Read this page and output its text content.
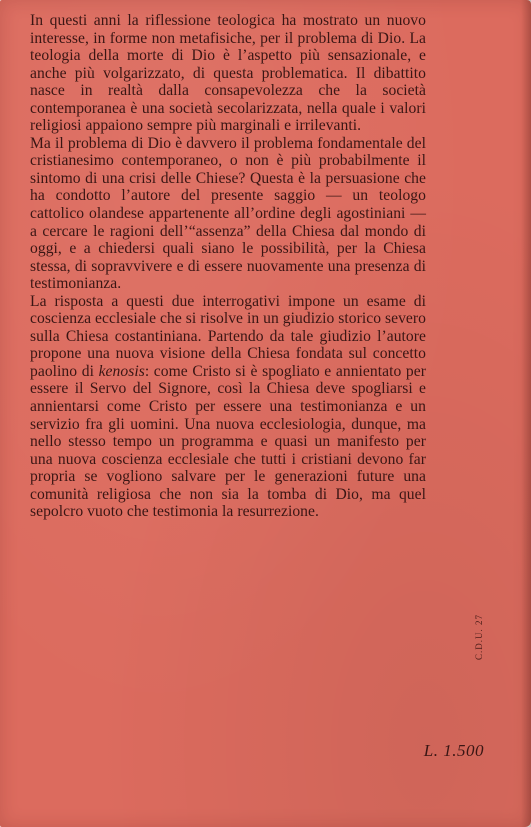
In questi anni la riflessione teologica ha mostrato un nuovo interesse, in forme non metafisiche, per il problema di Dio. La teologia della morte di Dio è l’aspetto più sensazionale, e anche più volgarizzato, di questa problematica. Il dibattito nasce in realtà dalla consapevolezza che la società contemporanea è una società secolarizzata, nella quale i valori religiosi appaiono sempre più marginali e irrilevanti.

Ma il problema di Dio è davvero il problema fondamentale del cristianesimo contemporaneo, o non è più probabilmente il sintomo di una crisi delle Chiese? Questa è la persuasione che ha condotto l’autore del presente saggio — un teologo cattolico olandese appartenente all’ordine degli agostiniani — a cercare le ragioni dell’“assenza” della Chiesa dal mondo di oggi, e a chiedersi quali siano le possibilità, per la Chiesa stessa, di sopravvivere e di essere nuovamente una presenza di testimonianza.

La risposta a questi due interrogativi impone un esame di coscienza ecclesiale che si risolve in un giudizio storico severo sulla Chiesa costantiniana. Partendo da tale giudizio l’autore propone una nuova visione della Chiesa fondata sul concetto paolino di kenosis: come Cristo si è spogliato e annientato per essere il Servo del Signore, così la Chiesa deve spogliarsi e annientarsi come Cristo per essere una testimonianza e un servizio fra gli uomini. Una nuova ecclesiologia, dunque, ma nello stesso tempo un programma e quasi un manifesto per una nuova coscienza ecclesiale che tutti i cristiani devono far propria se vogliono salvare per le generazioni future una comunità religiosa che non sia la tomba di Dio, ma quel sepolcro vuoto che testimonia la resurrezione.

C.D.U. 27
L. 1.500
